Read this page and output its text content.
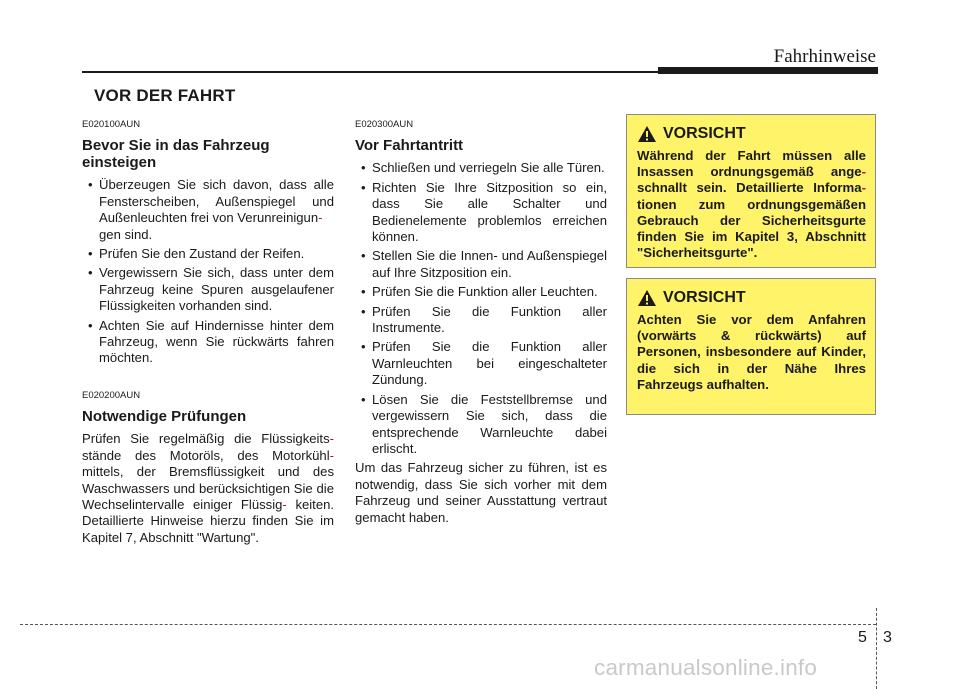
Fahrhinweise
VOR DER FAHRT
E020100AUN
Bevor Sie in das Fahrzeug einsteigen
• Überzeugen Sie sich davon, dass alle Fensterscheiben, Außenspiegel und Außenleuchten frei von Verunreinigun-
gen sind.
• Prüfen Sie den Zustand der Reifen.
• Vergewissern Sie sich, dass unter dem Fahrzeug keine Spuren ausgelaufener Flüssigkeiten vorhanden sind.
• Achten Sie auf Hindernisse hinter dem Fahrzeug, wenn Sie rückwärts fahren möchten.
E020200AUN
Notwendige Prüfungen

Prüfen Sie regelmäßig die Flüssigkeits- stände des Motoröls, des Motorkühl- mittels, der Bremsflüssigkeit und des Waschwassers und berücksichtigen Sie die Wechselintervalle einiger Flüssig- keiten. Detaillierte Hinweise hierzu finden Sie im Kapitel 7, Abschnitt "Wartung".

E020300AUN
Vor Fahrtantritt
• Schließen und verriegeln Sie alle Türen.
• Richten Sie Ihre Sitzposition so ein, dass Sie alle Schalter und Bedienelemente problemlos erreichen können.
• Stellen Sie die Innen- und Außenspiegel auf Ihre Sitzposition ein.
• Prüfen Sie die Funktion aller Leuchten.
• Prüfen Sie die Funktion aller Instrumente.
• Prüfen Sie die Funktion aller Warnleuchten bei eingeschalteter Zündung.
• Lösen Sie die Feststellbremse und vergewissern Sie sich, dass die entsprechende Warnleuchte dabei erlischt.

Um das Fahrzeug sicher zu führen, ist es notwendig, dass Sie sich vorher mit dem Fahrzeug und seiner Ausstattung vertraut gemacht haben.

VORSICHT
Während der Fahrt müssen alle Insassen ordnungsgemäß ange- schnallt sein. Detaillierte Informa- tionen zum ordnungsgemäßen Gebrauch der Sicherheitsgurte finden Sie im Kapitel 3, Abschnitt "Sicherheitsgurte".
VORSICHT
Achten Sie vor dem Anfahren (vorwärts & rückwärts) auf Personen, insbesondere auf Kinder, die sich in der Nähe Ihres Fahrzeugs aufhalten.
5 3
carmanualsonline.info
